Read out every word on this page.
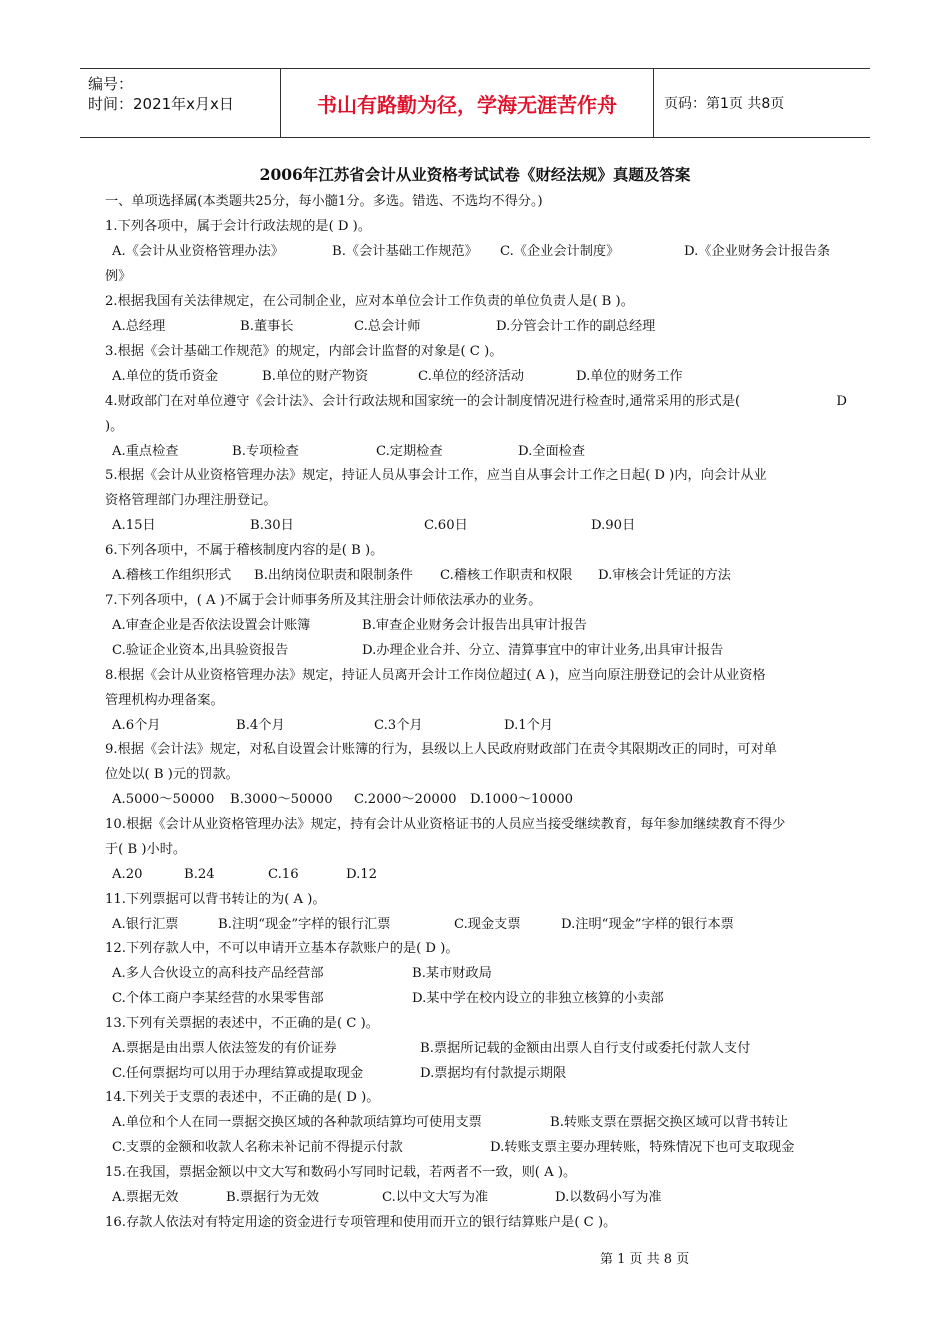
编号：
时间：2021年x月x日	书山有路勤为径，学海无涯苦作舟	页码：第1页 共8页
2006年江苏省会计从业资格考试试卷《财经法规》真题及答案
一、单项选择属(本类题共25分，每小髓1分。多选。错选、不选均不得分。)
1.下列各项中，属于会计行政法规的是( D )。
A.《会计从业资格管理办法》	B.《会计基础工作规范》 C.《企业会计制度》	D.《企业财务会计报告条
例》
2.根据我国有关法律规定，在公司制企业，应对本单位会计工作负责的单位负责人是( B )。
A.总经理	B.董事长	C.总会计师	D.分管会计工作的副总经理
3.根据《会计基础工作规范》的规定，内部会计监督的对象是( C )。
A.单位的货币资金	B.单位的财产物资	C.单位的经济活动	D.单位的财务工作
4.财政部门在对单位遵守《会计法》、会计行政法规和国家统一的会计制度情况进行检查时,通常采用的形式是(	D
)。
A.重点检查	B.专项检查	C.定期检查	D.全面检查
5.根据《会计从业资格管理办法》规定，持证人员从事会计工作，应当自从事会计工作之日起( D )内，向会计从业
资格管理部门办理注册登记。
A.15日	B.30日	C.60日	D.90日
6.下列各项中，不属于稽核制度内容的是( B )。
A.稽核工作组织形式 B.出纳岗位职责和限制条件 C.稽核工作职责和权限 D.审核会计凭证的方法
7.下列各项中，( A )不属于会计师事务所及其注册会计师依法承办的业务。
A.审查企业是否依法设置会计账簿	B.审查企业财务会计报告出具审计报告
C.验证企业资本,出具验资报告	D.办理企业合并、分立、清算事宜中的审计业务,出具审计报告
8.根据《会计从业资格管理办法》规定，持证人员离开会计工作岗位超过( A )，应当向原注册登记的会计从业资格
管理机构办理备案。
A.6个月	B.4个月	C.3个月	D.1个月
9.根据《会计法》规定，对私自设置会计账簿的行为，县级以上人民政府财政部门在责令其限期改正的同时，可对单
位处以( B )元的罚款。
A.5000～50000 B.3000～50000 C.2000～20000 D.1000～10000
10.根据《会计从业资格管理办法》规定，持有会计从业资格证书的人员应当接受继续教育，每年参加继续教育不得少
于( B )小时。
A.20	B.24	C.16	D.12
11.下列票据可以背书转让的为( A )。
A.银行汇票	B.注明“现金”字样的银行汇票	C.现金支票	D.注明“现金”字样的银行本票
12.下列存款人中，不可以申请开立基本存款账户的是( D )。
A.多人合伙设立的高科技产品经营部	B.某市财政局
C.个体工商户李某经营的水果零售部	D.某中学在校内设立的非独立核算的小卖部
13.下列有关票据的表述中，不正确的是( C )。
A.票据是由出票人依法签发的有价证券	B.票据所记载的金额由出票人自行支付或委托付款人支付
C.任何票据均可以用于办理结算或提取现金	D.票据均有付款提示期限
14.下列关于支票的表述中，不正确的是( D )。
A.单位和个人在同一票据交换区域的各种款项结算均可使用支票	B.转账支票在票据交换区域可以背书转让
C.支票的金额和收款人名称未补记前不得提示付款	D.转账支票主要办理转账，特殊情况下也可支取现金
15.在我国，票据金额以中文大写和数码小写同时记载，若两者不一致，则( A )。
A.票据无效	B.票据行为无效	C.以中文大写为准	D.以数码小写为准
16.存款人依法对有特定用途的资金进行专项管理和使用而开立的银行结算账户是( C )。
第 1 页 共 8 页
